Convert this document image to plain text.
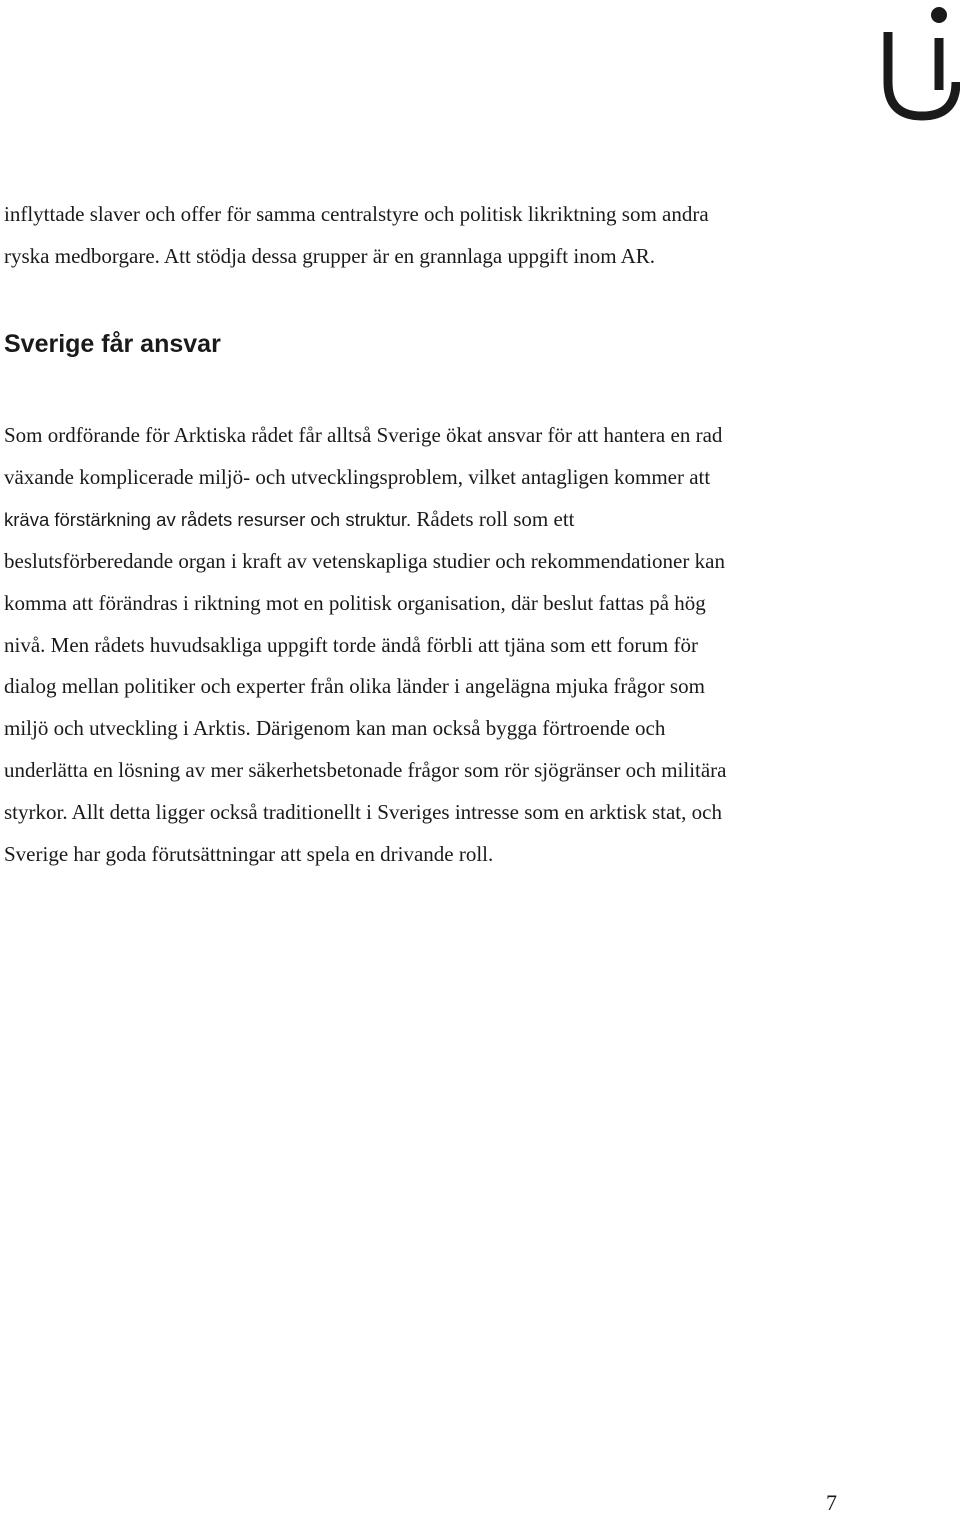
inflyttade slaver och offer för samma centralstyre och politisk likriktning som andra
ryska medborgare. Att stödja dessa grupper är en grannlaga uppgift inom AR.
Sverige får ansvar
Som ordförande för Arktiska rådet får alltså Sverige ökat ansvar för att hantera en rad
växande komplicerade miljö- och utvecklingsproblem, vilket antagligen kommer att
kräva förstärkning av rådets resurser och struktur. Rådets roll som ett
beslutsförberedande organ i kraft av vetenskapliga studier och rekommendationer kan
komma att förändras i riktning mot en politisk organisation, där beslut fattas på hög
nivå. Men rådets huvudsakliga uppgift torde ändå förbli att tjäna som ett forum för
dialog mellan politiker och experter från olika länder i angelägna mjuka frågor som
miljö och utveckling i Arktis. Därigenom kan man också bygga förtroende och
underlätta en lösning av mer säkerhetsbetonade frågor som rör sjögränser och militära
styrkor. Allt detta ligger också traditionellt i Sveriges intresse som en arktisk stat, och
Sverige har goda förutsättningar att spela en drivande roll.
7
